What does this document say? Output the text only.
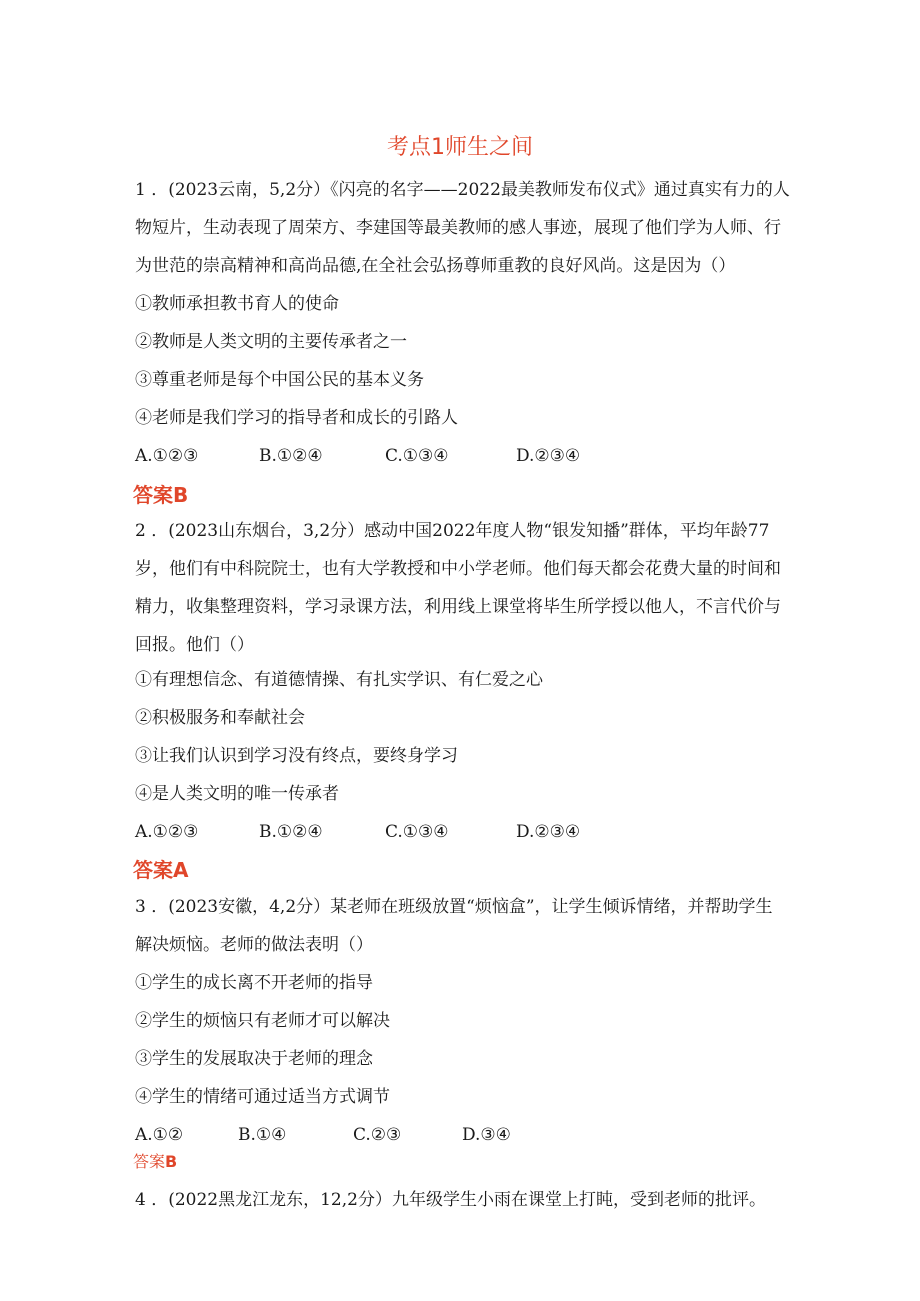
考点1师生之间
1 ．(2023云南，5,2分）《闪亮的名字——2022最美教师发布仪式》通过真实有力的人
物短片，生动表现了周荣方、李建国等最美教师的感人事迹，展现了他们学为人师、行
为世范的崇高精神和高尚品德,在全社会弘扬尊师重教的良好风尚。这是因为（）
①教师承担教书育人的使命
②教师是人类文明的主要传承者之一
③尊重老师是每个中国公民的基本义务
④老师是我们学习的指导者和成长的引路人
A.①②③	B.①②④	C.①③④	D.②③④
答案B
2 ．(2023山东烟台，3,2分）感动中国2022年度人物“银发知播”群体，平均年龄77
岁，他们有中科院院士，也有大学教授和中小学老师。他们每天都会花费大量的时间和
精力，收集整理资料，学习录课方法，利用线上课堂将毕生所学授以他人，不言代价与
回报。他们（）
①有理想信念、有道德情操、有扎实学识、有仁爱之心
②积极服务和奉献社会
③让我们认识到学习没有终点，要终身学习
④是人类文明的唯一传承者
A.①②③	B.①②④	C.①③④	D.②③④
答案A
3 ．(2023安徽，4,2分）某老师在班级放置“烦恼盒”，让学生倾诉情绪，并帮助学生
解决烦恼。老师的做法表明（）
①学生的成长离不开老师的指导
②学生的烦恼只有老师才可以解决
③学生的发展取决于老师的理念
④学生的情绪可通过适当方式调节
A.①②	B.①④	C.②③	D.③④
答案B
4 ．(2022黑龙江龙东，12,2分）九年级学生小雨在课堂上打盹，受到老师的批评。
